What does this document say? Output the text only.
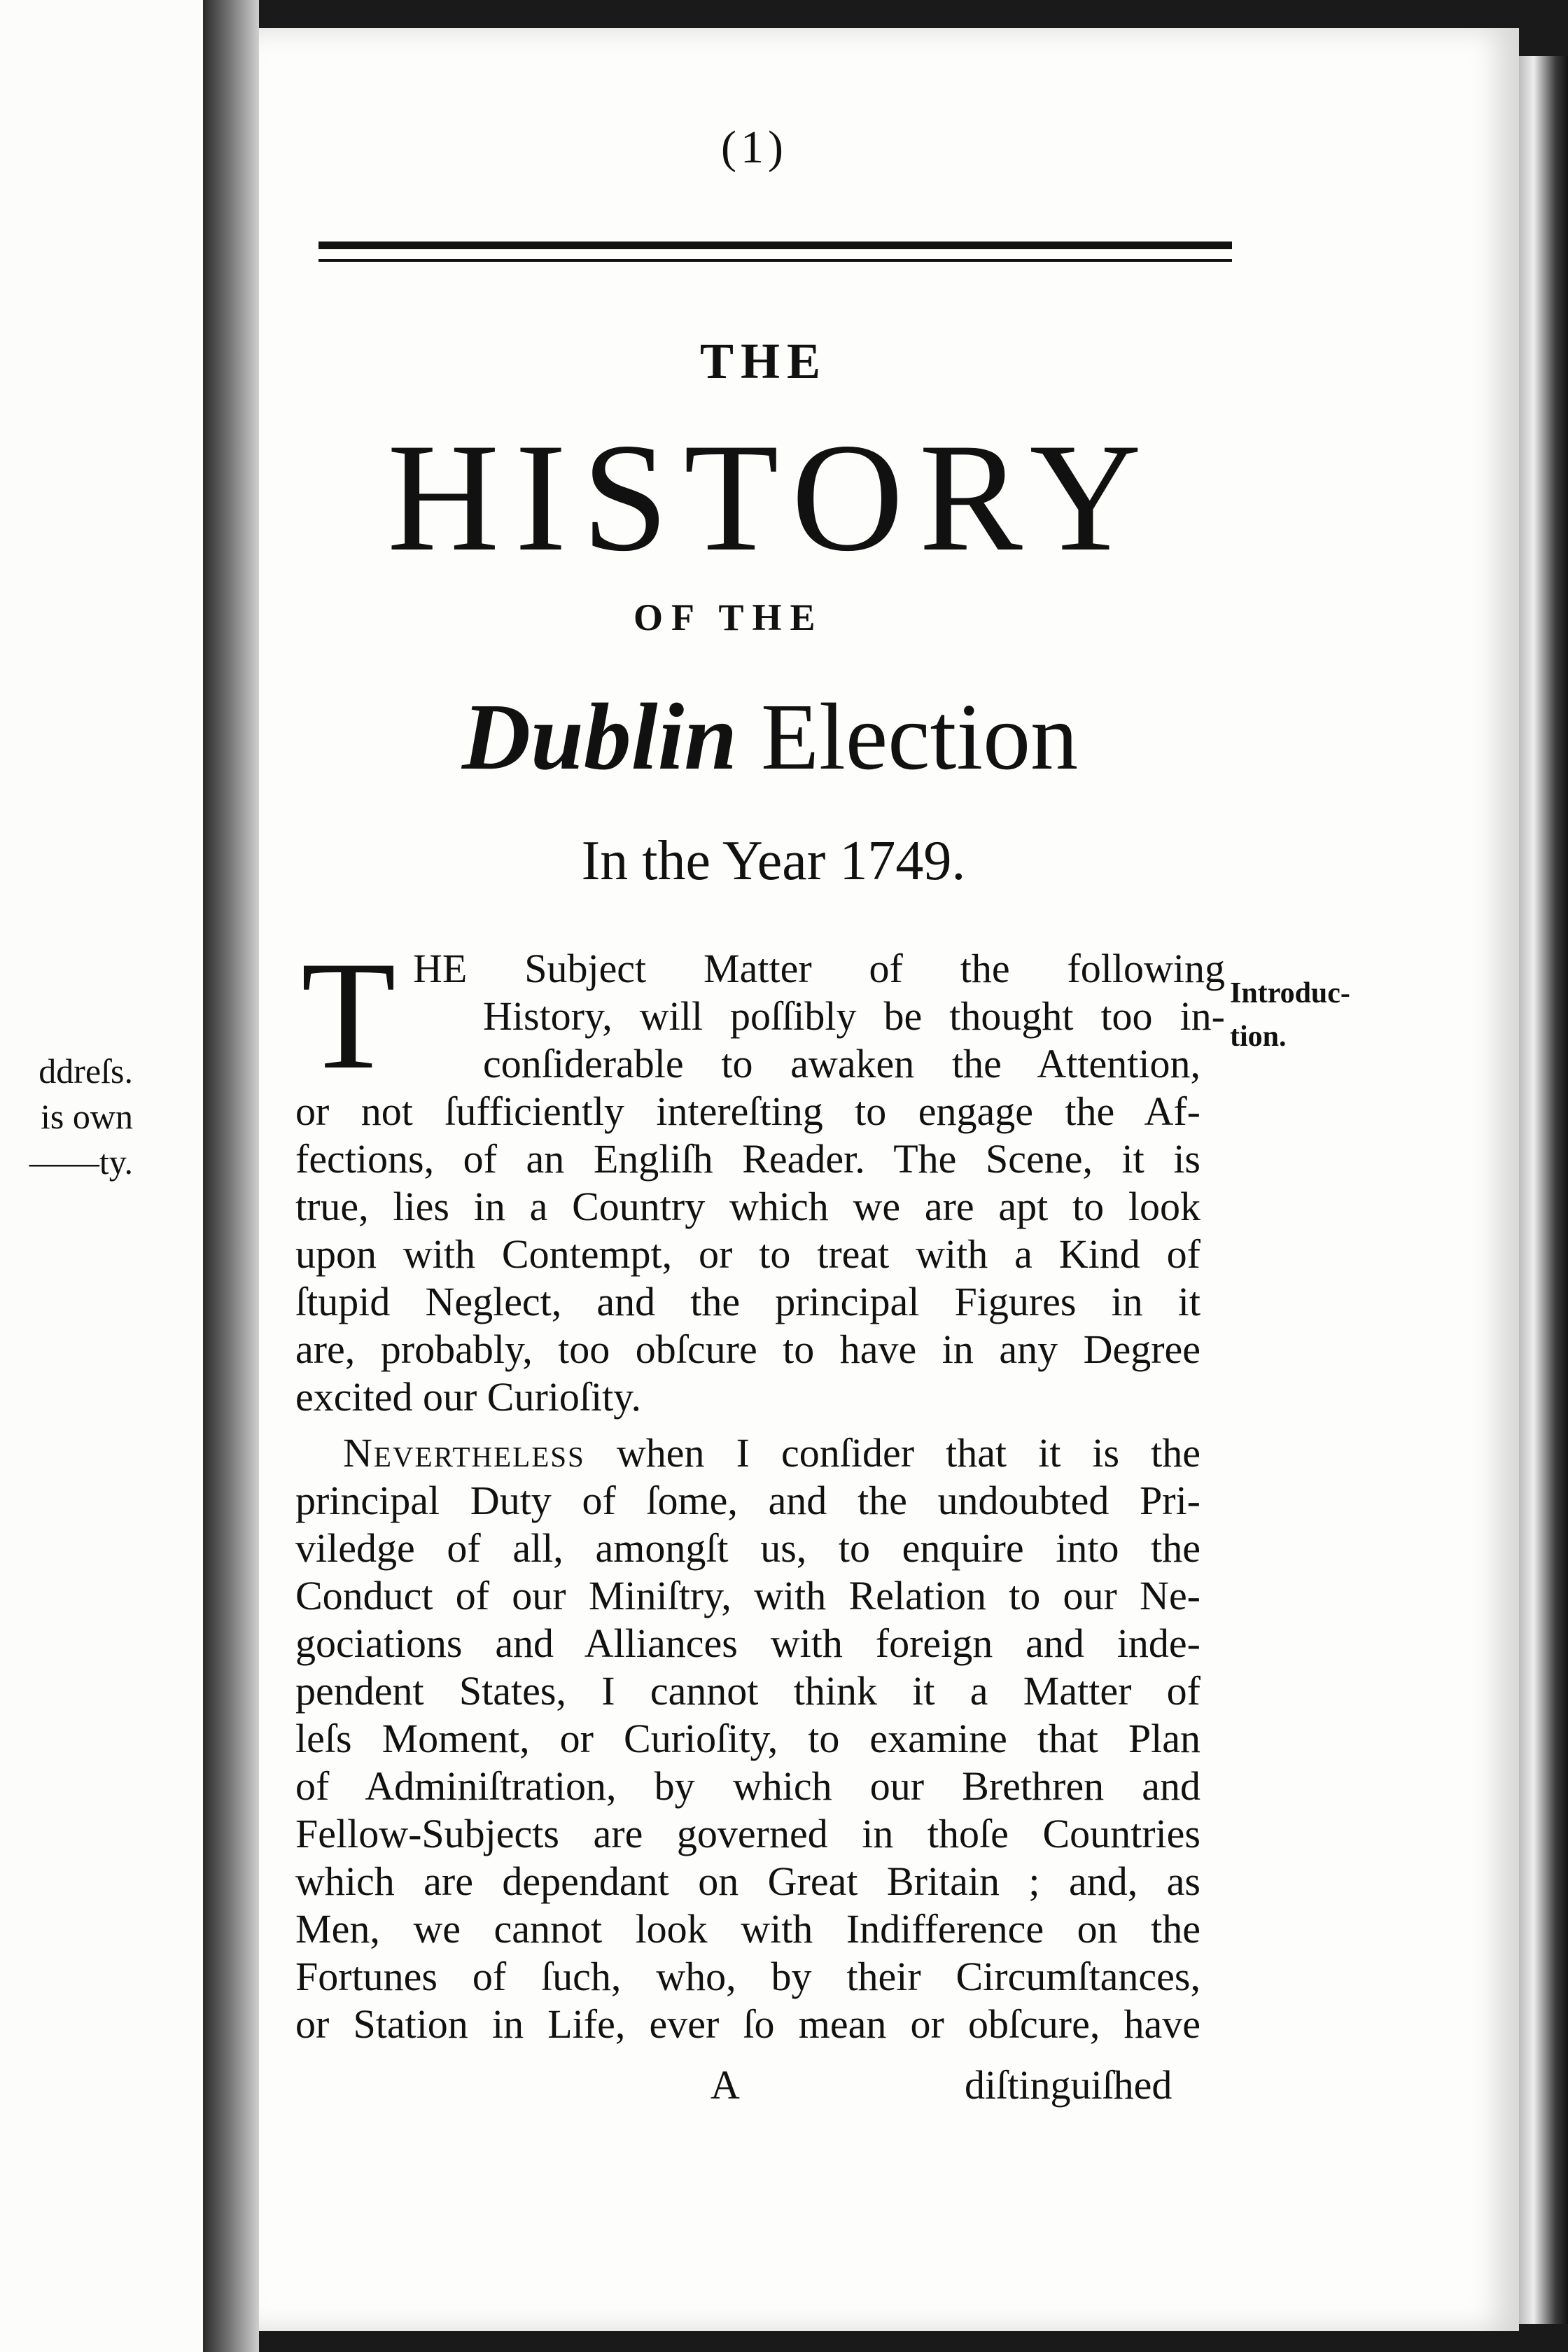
ddreſs.
is own
——ty.
(1)
THE
HISTORY
OF THE
Dublin Election
In the Year 1749.
T	Introduc-
tion.
HE Subject Matter of the following
History, will poſſibly be thought too in-
conſiderable to awaken the Attention,
or not ſufficiently intereſting to engage the Af-
fections, of an Engliſh Reader. The Scene, it is
true, lies in a Country which we are apt to look
upon with Contempt, or to treat with a Kind of
ſtupid Neglect, and the principal Figures in it
are, probably, too obſcure to have in any Degree
excited our Curioſity.
Nevertheless when I conſider that it is the
principal Duty of ſome, and the undoubted Pri-
viledge of all, amongſt us, to enquire into the
Conduct of our Miniſtry, with Relation to our Ne-
gociations and Alliances with foreign and inde-
pendent States, I cannot think it a Matter of
leſs Moment, or Curioſity, to examine that Plan
of Adminiſtration, by which our Brethren and
Fellow-Subjects are governed in thoſe Countries
which are dependant on Great Britain ; and, as
Men, we cannot look with Indifference on the
Fortunes of ſuch, who, by their Circumſtances,
or Station in Life, ever ſo mean or obſcure, have
A	diſtinguiſhed
